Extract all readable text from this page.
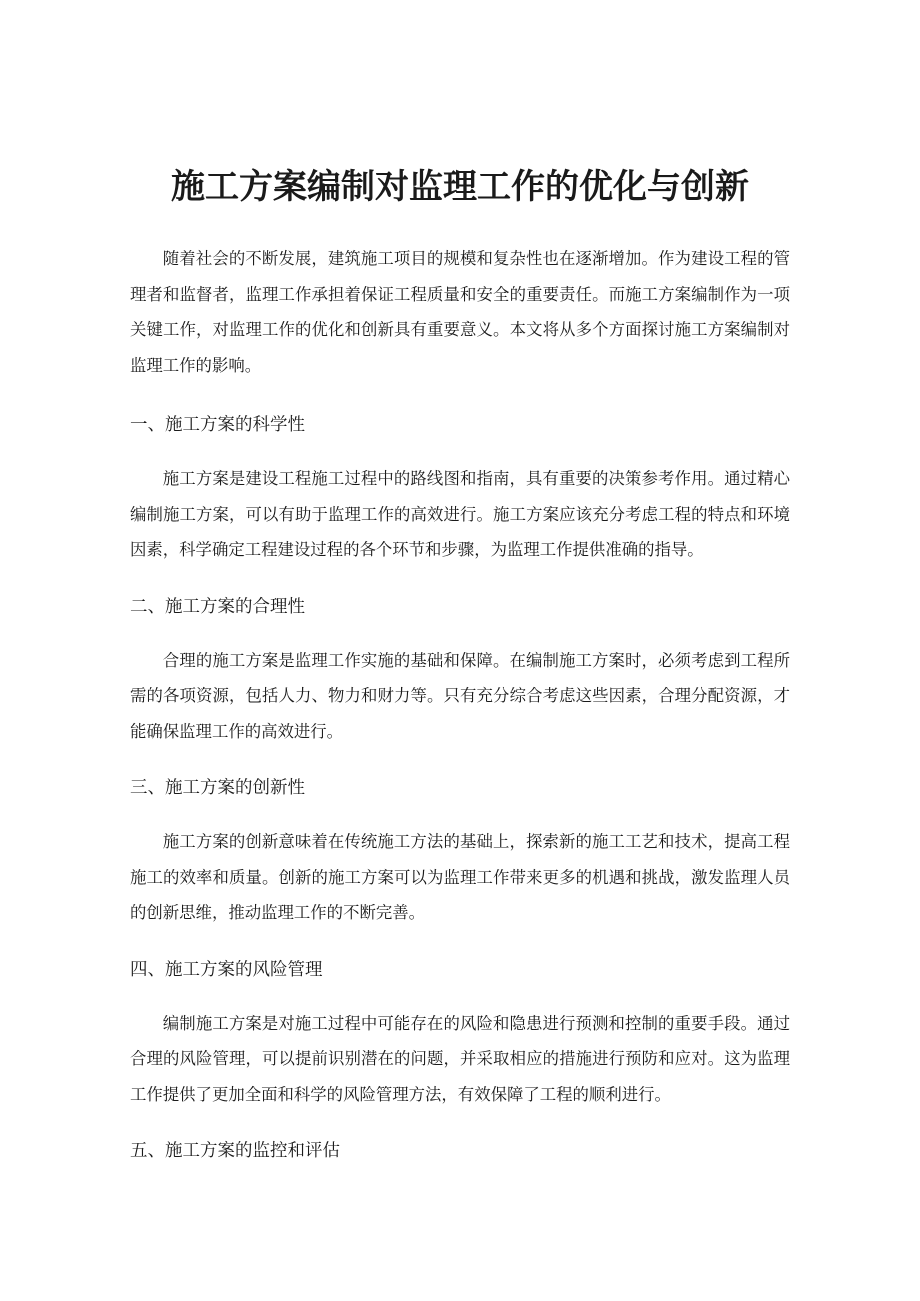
施工方案编制对监理工作的优化与创新

随着社会的不断发展，建筑施工项目的规模和复杂性也在逐渐增加。作为建设工程的管理者和监督者，监理工作承担着保证工程质量和安全的重要责任。而施工方案编制作为一项关键工作，对监理工作的优化和创新具有重要意义。本文将从多个方面探讨施工方案编制对监理工作的影响。

一、施工方案的科学性

施工方案是建设工程施工过程中的路线图和指南，具有重要的决策参考作用。通过精心编制施工方案，可以有助于监理工作的高效进行。施工方案应该充分考虑工程的特点和环境因素，科学确定工程建设过程的各个环节和步骤，为监理工作提供准确的指导。

二、施工方案的合理性

合理的施工方案是监理工作实施的基础和保障。在编制施工方案时，必须考虑到工程所需的各项资源，包括人力、物力和财力等。只有充分综合考虑这些因素，合理分配资源，才能确保监理工作的高效进行。

三、施工方案的创新性

施工方案的创新意味着在传统施工方法的基础上，探索新的施工工艺和技术，提高工程施工的效率和质量。创新的施工方案可以为监理工作带来更多的机遇和挑战，激发监理人员的创新思维，推动监理工作的不断完善。

四、施工方案的风险管理

编制施工方案是对施工过程中可能存在的风险和隐患进行预测和控制的重要手段。通过合理的风险管理，可以提前识别潜在的问题，并采取相应的措施进行预防和应对。这为监理工作提供了更加全面和科学的风险管理方法，有效保障了工程的顺利进行。

五、施工方案的监控和评估
